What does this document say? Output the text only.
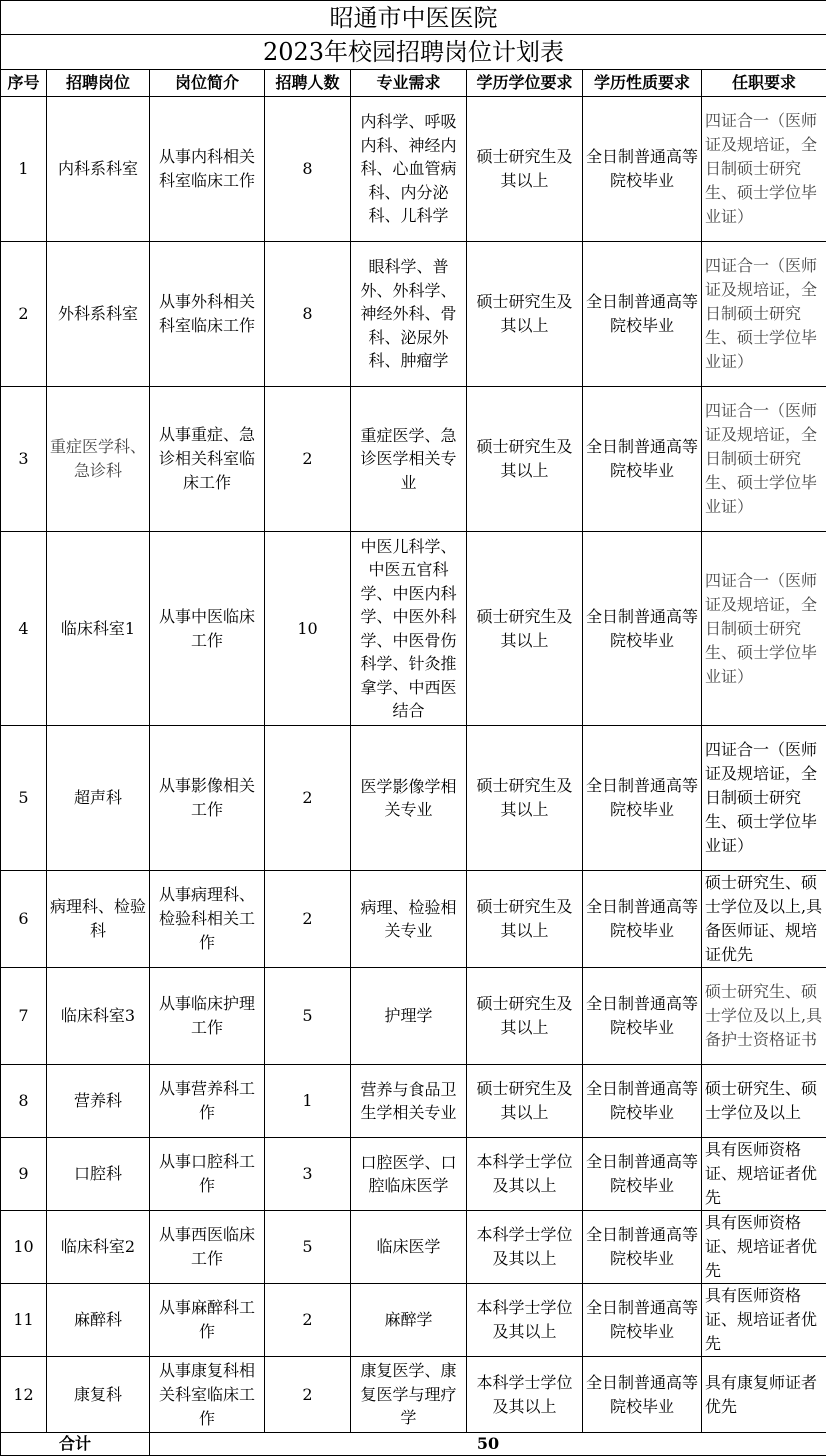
昭通市中医医院							
2023年校园招聘岗位计划表							
序号	招聘岗位	岗位简介	招聘人数	专业需求	学历学位要求	学历性质要求	任职要求
1	内科系科室	从事内科相关科室临床工作	8	内科学、呼吸内科、神经内科、心血管病科、内分泌科、儿科学	硕士研究生及其以上	全日制普通高等院校毕业	四证合一（医师证及规培证，全日制硕士研究生、硕士学位毕业证）
2	外科系科室	从事外科相关科室临床工作	8	眼科学、普外、外科学、神经外科、骨科、泌尿外科、肿瘤学	硕士研究生及其以上	全日制普通高等院校毕业	四证合一（医师证及规培证，全日制硕士研究生、硕士学位毕业证）
3	重症医学科、急诊科	从事重症、急诊相关科室临床工作	2	重症医学、急诊医学相关专业	硕士研究生及其以上	全日制普通高等院校毕业	四证合一（医师证及规培证，全日制硕士研究生、硕士学位毕业证）
4	临床科室1	从事中医临床工作	10	中医儿科学、中医五官科学、中医内科学、中医外科学、中医骨伤科学、针灸推拿学、中西医结合	硕士研究生及其以上	全日制普通高等院校毕业	四证合一（医师证及规培证，全日制硕士研究生、硕士学位毕业证）
5	超声科	从事影像相关工作	2	医学影像学相关专业	硕士研究生及其以上	全日制普通高等院校毕业	四证合一（医师证及规培证，全日制硕士研究生、硕士学位毕业证）
6	病理科、检验科	从事病理科、检验科相关工作	2	病理、检验相关专业	硕士研究生及其以上	全日制普通高等院校毕业	硕士研究生、硕士学位及以上,具备医师证、规培证优先
7	临床科室3	从事临床护理工作	5	护理学	硕士研究生及其以上	全日制普通高等院校毕业	硕士研究生、硕士学位及以上,具备护士资格证书
8	营养科	从事营养科工作	1	营养与食品卫生学相关专业	硕士研究生及其以上	全日制普通高等院校毕业	硕士研究生、硕士学位及以上
9	口腔科	从事口腔科工作	3	口腔医学、口腔临床医学	本科学士学位及其以上	全日制普通高等院校毕业	具有医师资格证、规培证者优先
10	临床科室2	从事西医临床工作	5	临床医学	本科学士学位及其以上	全日制普通高等院校毕业	具有医师资格证、规培证者优先
11	麻醉科	从事麻醉科工作	2	麻醉学	本科学士学位及其以上	全日制普通高等院校毕业	具有医师资格证、规培证者优先
12	康复科	从事康复科相关科室临床工作	2	康复医学、康复医学与理疗学	本科学士学位及其以上	全日制普通高等院校毕业	具有康复师证者优先
合计		50					
